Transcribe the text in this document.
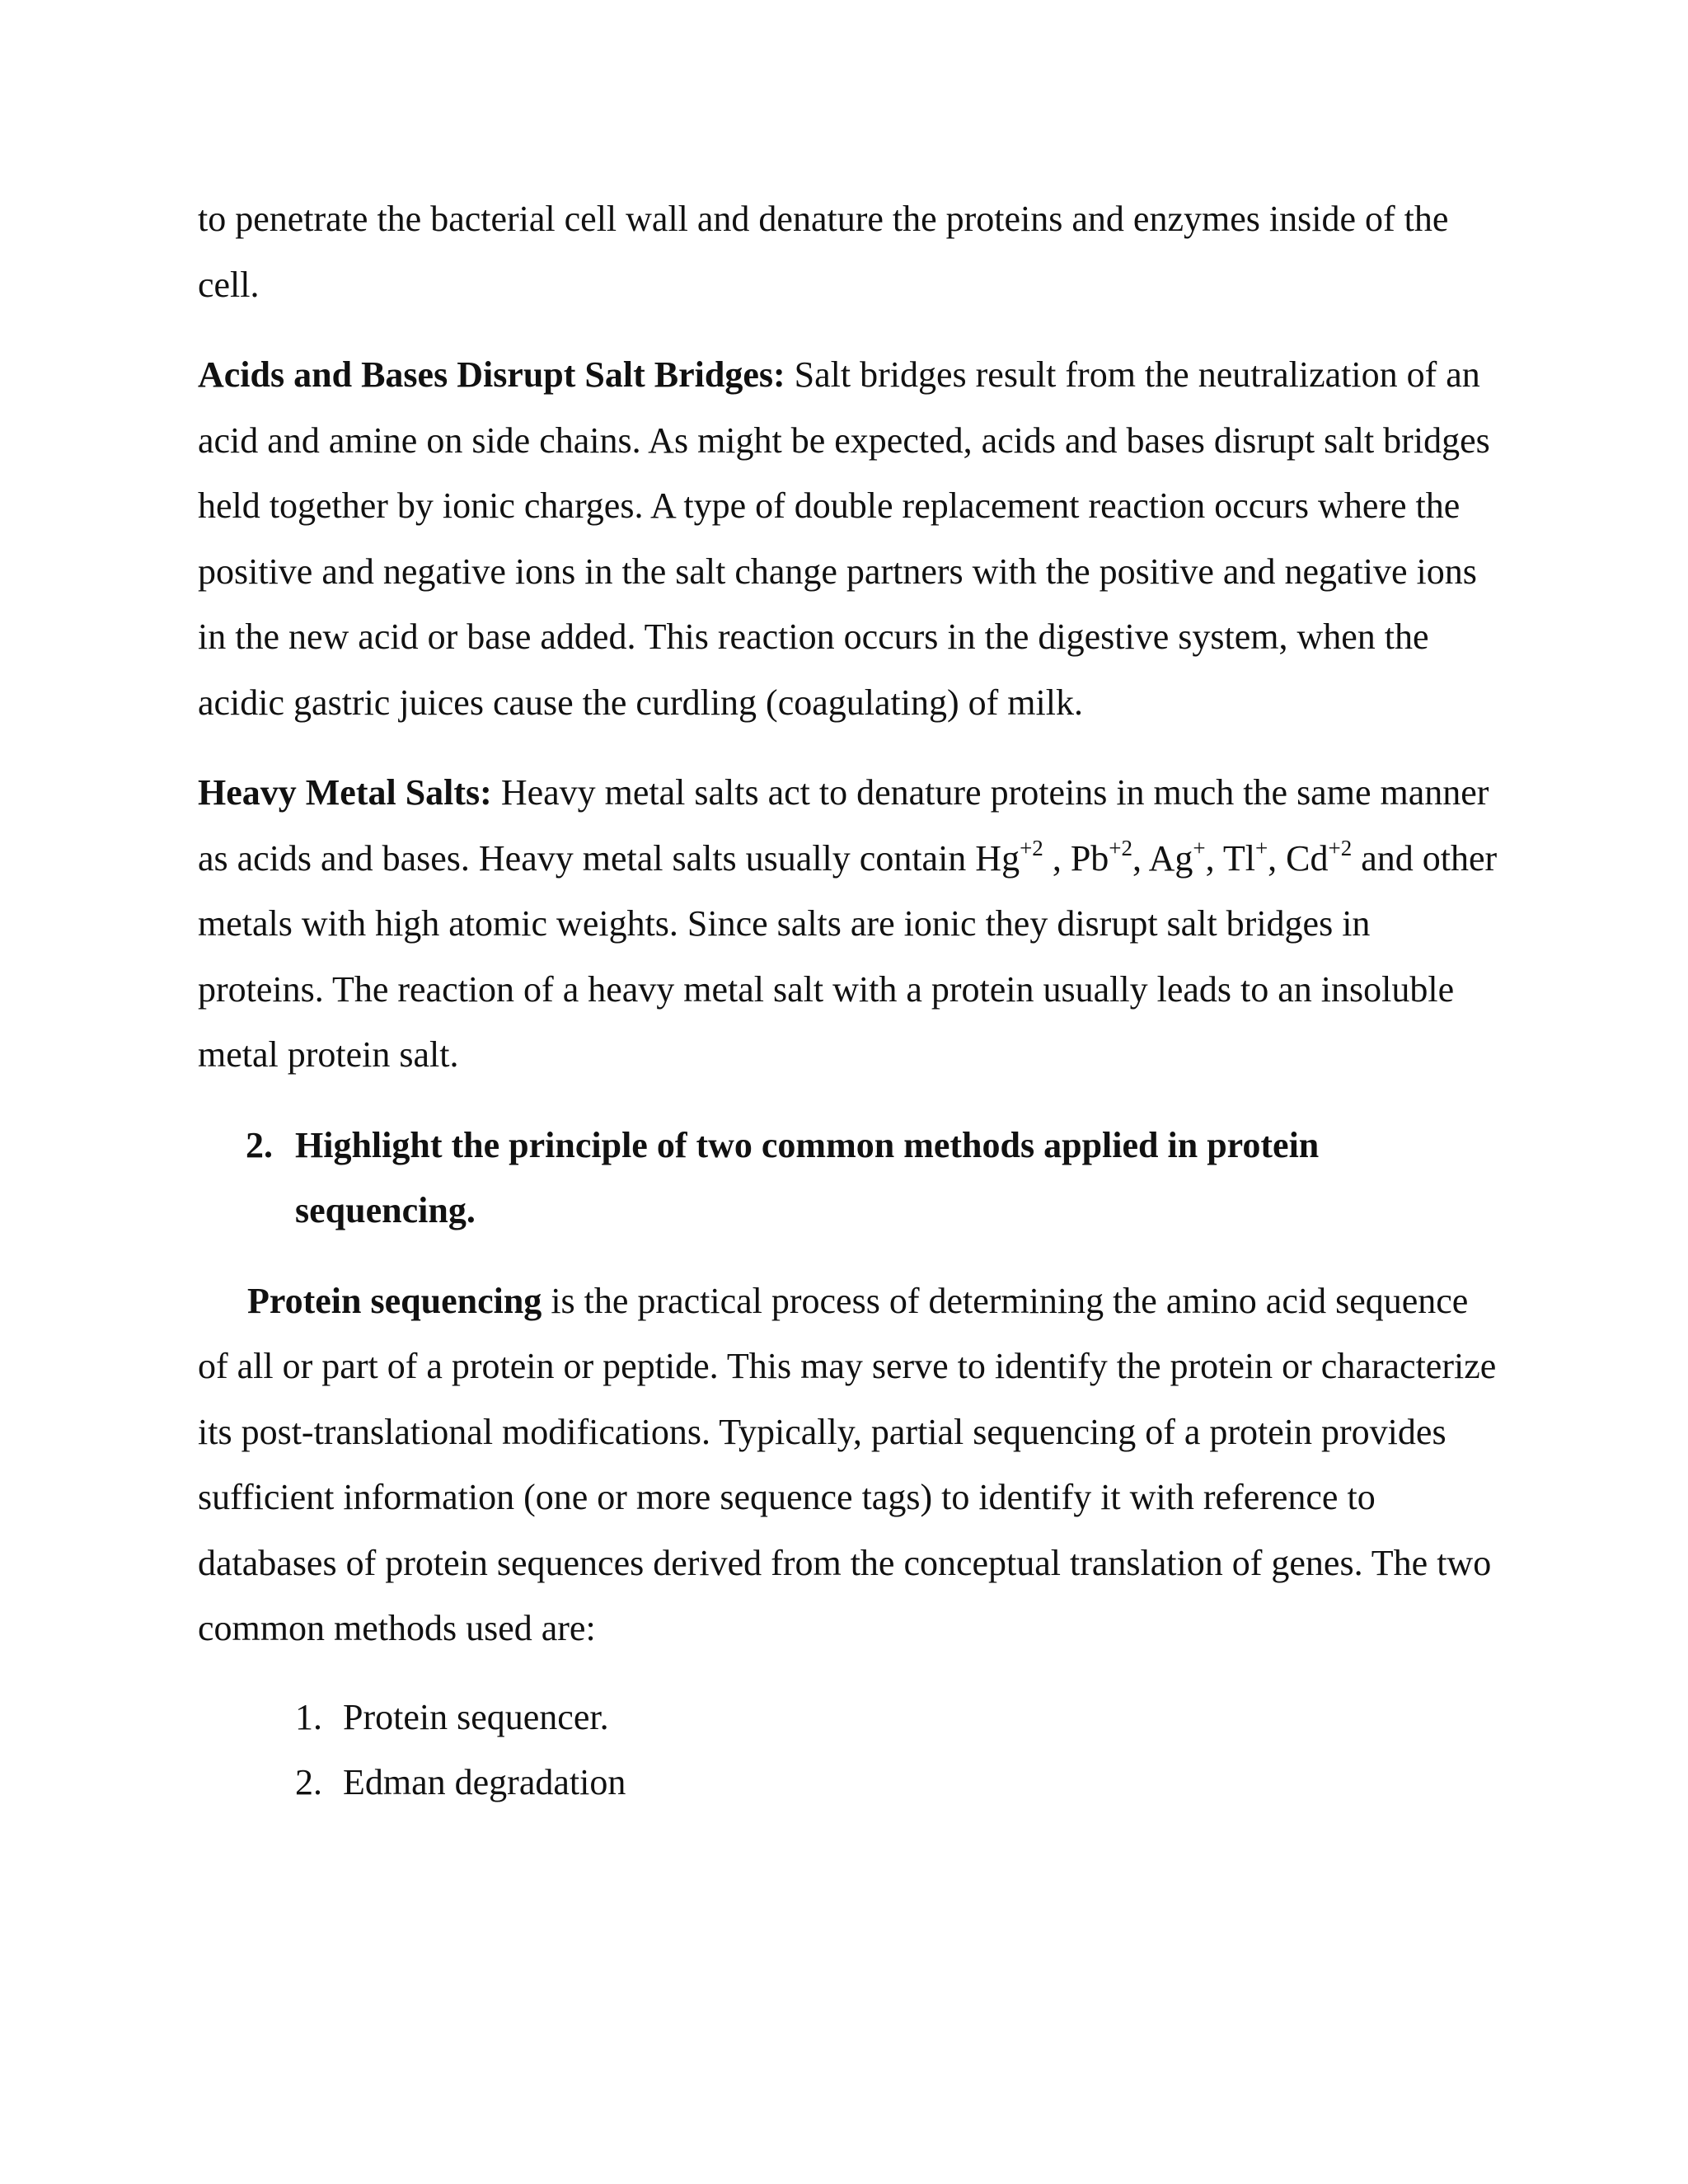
to penetrate the bacterial cell wall and denature the proteins and enzymes inside of the cell.

Acids and Bases Disrupt Salt Bridges: Salt bridges result from the neutralization of an acid and amine on side chains. As might be expected, acids and bases disrupt salt bridges held together by ionic charges. A type of double replacement reaction occurs where the positive and negative ions in the salt change partners with the positive and negative ions in the new acid or base added. This reaction occurs in the digestive system, when the acidic gastric juices cause the curdling (coagulating) of milk.

Heavy Metal Salts: Heavy metal salts act to denature proteins in much the same manner as acids and bases. Heavy metal salts usually contain $Hg^{+2}$ , $Pb^{+2}$, Ag+, Tl+, $Cd^{+2}$ and other metals with high atomic weights. Since salts are ionic they disrupt salt bridges in proteins. The reaction of a heavy metal salt with a protein usually leads to an insoluble metal protein salt.

2. Highlight the principle of two common methods applied in protein sequencing.

Protein sequencing is the practical process of determining the amino acid sequence of all or part of a protein or peptide. This may serve to identify the protein or characterize its post-translational modifications. Typically, partial sequencing of a protein provides sufficient information (one or more sequence tags) to identify it with reference to databases of protein sequences derived from the conceptual translation of genes. The two common methods used are:

1. Protein sequencer.
2. Edman degradation
